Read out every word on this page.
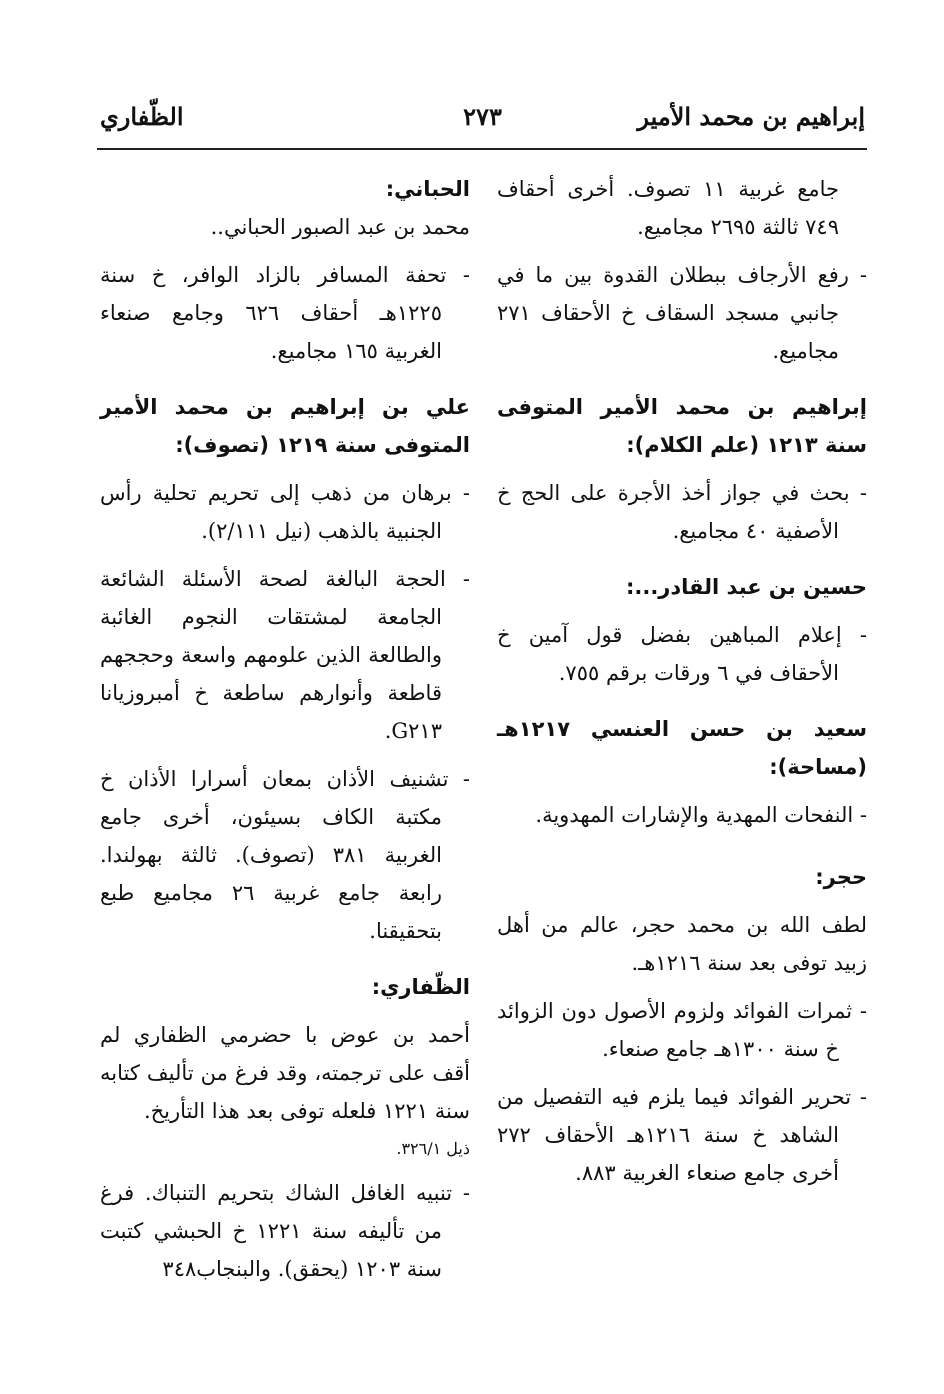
إبراهيم بن محمد الأمير
٢٧٣
الظّفاري

جامع غربية ١١ تصوف. أخرى أحقاف ٧٤٩ ثالثة ٢٦٩٥ مجاميع.

- رفع الأرجاف ببطلان القدوة بين ما في جانبي مسجد السقاف خ الأحقاف ٢٧١ مجاميع.

إبراهيم بن محمد الأمير المتوفى سنة ١٢١٣ (علم الكلام):

- بحث في جواز أخذ الأجرة على الحج خ الأصفية ٤٠ مجاميع.

حسين بن عبد القادر...:

- إعلام المباهين بفضل قول آمين خ الأحقاف في ٦ ورقات برقم ٧٥٥.

سعيد بن حسن العنسي ١٢١٧هـ (مساحة):

- النفحات المهدية والإشارات المهدوية.

حجر:

لطف الله بن محمد حجر، عالم من أهل زبيد توفى بعد سنة ١٢١٦هـ.

- ثمرات الفوائد ولزوم الأصول دون الزوائد خ سنة ١٣٠٠هـ جامع صنعاء.

- تحرير الفوائد فيما يلزم فيه التفصيل من الشاهد خ سنة ١٢١٦هـ الأحقاف ٢٧٢ أخرى جامع صنعاء الغربية ٨٨٣.

الحباني:

محمد بن عبد الصبور الحباني..

- تحفة المسافر بالزاد الوافر، خ سنة ١٢٢٥هـ أحقاف ٦٢٦ وجامع صنعاء الغربية ١٦٥ مجاميع.

علي بن إبراهيم بن محمد الأمير المتوفى سنة ١٢١٩ (تصوف):

- برهان من ذهب إلى تحريم تحلية رأس الجنبية بالذهب (نيل ٢/١١١).

- الحجة البالغة لصحة الأسئلة الشائعة الجامعة لمشتقات النجوم الغائبة والطالعة الذين علومهم واسعة وحججهم قاطعة وأنوارهم ساطعة خ أمبروزيانا G٢١٣.

- تشنيف الأذان بمعان أسرارا الأذان خ مكتبة الكاف بسيئون، أخرى جامع الغربية ٣٨١ (تصوف). ثالثة بهولندا. رابعة جامع غربية ٢٦ مجاميع طبع بتحقيقنا.

الظّفاري:

أحمد بن عوض با حضرمي الظفاري لم أقف على ترجمته، وقد فرغ من تأليف كتابه سنة ١٢٢١ فلعله توفى بعد هذا التأريخ.

ذيل ٣٢٦/١.

- تنبيه الغافل الشاك بتحريم التنباك. فرغ من تأليفه سنة ١٢٢١ خ الحبشي كتبت سنة ١٢٠٣ (يحقق). والبنجاب٣٤٨
